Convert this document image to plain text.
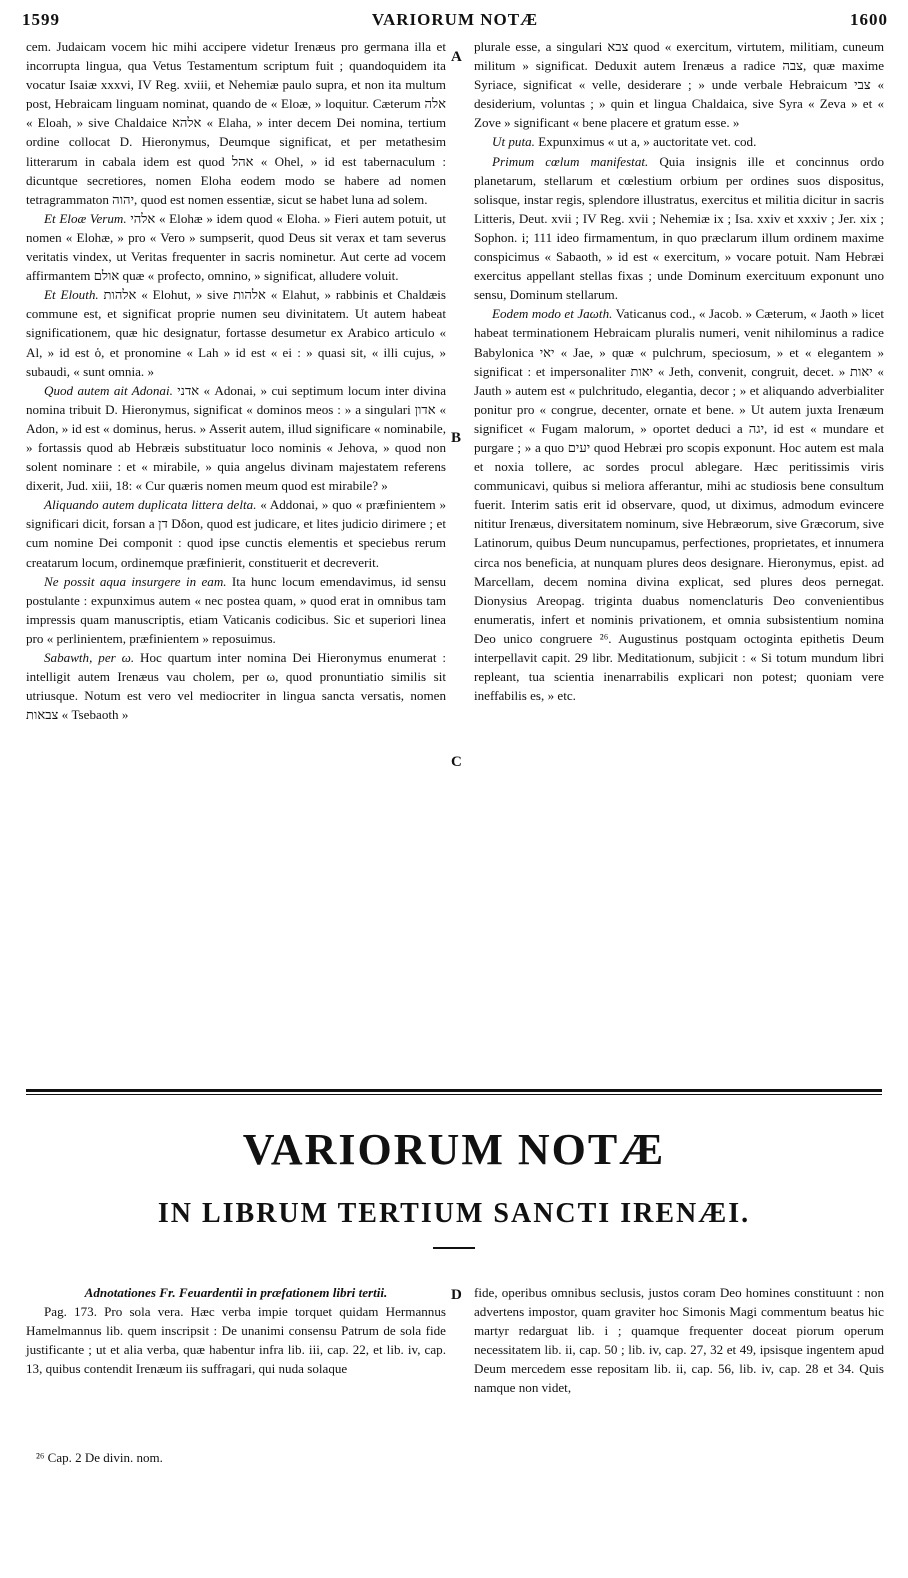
1599	VARIORUM NOTÆ	1600
A
B
C
D

cem. Judaicam vocem hic mihi accipere videtur Irenæus pro germana illa et incorrupta lingua, qua Vetus Testamentum scriptum fuit ; quandoquidem ita vocatur Isaiæ xxxvi, IV Reg. xviii, et Nehemiæ paulo supra, et non ita multum post, Hebraicam linguam nominat, quando de « Eloæ, » loquitur. Cæterum אלה « Eloah, » sive Chaldaice אלהא « Elaha, » inter decem Dei nomina, tertium ordine collocat D. Hieronymus, Deumque significat, et per metathesim litterarum in cabala idem est quod אהל « Ohel, » id est tabernaculum : dicuntque secretiores, nomen Eloha eodem modo se habere ad nomen tetragrammaton יהוה, quod est nomen essentiæ, sicut se habet luna ad solem.

Et Eloæ Verum. אלהי « Elohæ » idem quod « Eloha. » Fieri autem potuit, ut nomen « Elohæ, » pro « Vero » sumpserit, quod Deus sit verax et tam severus veritatis vindex, ut Veritas frequenter in sacris nominetur. Aut certe ad vocem affirmantem אולם quæ « profecto, omnino, » significat, alludere voluit.

Et Elouth. אלהות « Elohut, » sive אלהות « Elahut, » rabbinis et Chaldæis commune est, et significat proprie numen seu divinitatem. Ut autem habeat significationem, quæ hic designatur, fortasse desumetur ex Arabico articulo « Al, » id est ὁ, et pronomine « Lah » id est « ei : » quasi sit, « illi cujus, » subaudi, « sunt omnia. »

Quod autem ait Adonai. אדני « Adonai, » cui septimum locum inter divina nomina tribuit D. Hieronymus, significat « dominos meos : » a singulari אדון « Adon, » id est « dominus, herus. » Asserit autem, illud significare « nominabile, » fortassis quod ab Hebræis substituatur loco nominis « Jehova, » quod non solent nominare : et « mirabile, » quia angelus divinam majestatem referens dixerit, Jud. xiii, 18: « Cur quæris nomen meum quod est mirabile? »

Aliquando autem duplicata littera delta. « Addonai, » quo « præfinientem » significari dicit, forsan a דן Dδon, quod est judicare, et lites judicio dirimere ; et cum nomine Dei componit : quod ipse cunctis elementis et speciebus rerum creatarum locum, ordinemque præfinierit, constituerit et decreverit.

Ne possit aqua insurgere in eam. Ita hunc locum emendavimus, id sensu postulante : expunximus autem « nec postea quam, » quod erat in omnibus tam impressis quam manuscriptis, etiam Vaticanis codicibus. Sic et superiori linea pro « perlinientem, præfinientem » reposuimus.

Sabawth, per ω. Hoc quartum inter nomina Dei Hieronymus enumerat : intelligit autem Irenæus vau cholem, per ω, quod pronuntiatio similis sit utriusque. Notum est vero vel mediocriter in lingua sancta versatis, nomen צבאות « Tsebaoth »

plurale esse, a singulari צבא quod « exercitum, virtutem, militiam, cuneum militum » significat. Deduxit autem Irenæus a radice צבה, quæ maxime Syriace, significat « velle, desiderare ; » unde verbale Hebraicum צבי « desiderium, voluntas ; » quin et lingua Chaldaica, sive Syra « Zeva » et « Zove » significant « bene placere et gratum esse. »

Ut puta. Expunximus « ut a, » auctoritate vet. cod.

Primum cœlum manifestat. Quia insignis ille et concinnus ordo planetarum, stellarum et cœlestium orbium per ordines suos dispositus, solisque, instar regis, splendore illustratus, exercitus et militia dicitur in sacris Litteris, Deut. xvii ; IV Reg. xvii ; Nehemiæ ix ; Isa. xxiv et xxxiv ; Jer. xix ; Sophon. i; 111 ideo firmamentum, in quo præclarum illum ordinem maxime conspicimus « Sabaoth, » id est « exercitum, » vocare potuit. Nam Hebræi exercitus appellant stellas fixas ; unde Dominum exercituum exponunt uno sensu, Dominum stellarum.

Eodem modo et Jaωth. Vaticanus cod., « Jacob. » Cæterum, « Jaoth » licet habeat terminationem Hebraicam pluralis numeri, venit nihilominus a radice Babylonica יאי « Jae, » quæ « pulchrum, speciosum, » et « elegantem » significat : et impersonaliter יאות « Jeth, convenit, congruit, decet. » יאות « Jauth » autem est « pulchritudo, elegantia, decor ; » et aliquando adverbialiter ponitur pro « congrue, decenter, ornate et bene. » Ut autem juxta Irenæum significet « Fugam malorum, » oportet deduci a יגה, id est « mundare et purgare ; » a quo יעים quod Hebræi pro scopis exponunt. Hoc autem est mala et noxia tollere, ac sordes procul ablegare. Hæc peritissimis viris communicavi, quibus si meliora afferantur, mihi ac studiosis bene consultum fuerit. Interim satis erit id observare, quod, ut diximus, admodum evincere nititur Irenæus, diversitatem nominum, sive Hebræorum, sive Græcorum, sive Latinorum, quibus Deum nuncupamus, perfectiones, proprietates, et innumera circa nos beneficia, at nunquam plures deos designare. Hieronymus, epist. ad Marcellam, decem nomina divina explicat, sed plures deos pernegat. Dionysius Areopag. triginta duabus nomenclaturis Deo convenientibus enumeratis, infert et nominis privationem, et omnia subsistentium nomina Deo unico congruere ²⁶. Augustinus postquam octoginta epithetis Deum interpellavit capit. 29 libr. Meditationum, subjicit : « Si totum mundum libri repleant, tua scientia inenarrabilis explicari non potest; quoniam vere ineffabilis es, » etc.

VARIORUM NOTÆ
IN LIBRUM TERTIUM SANCTI IRENÆI.

Adnotationes Fr. Feuardentii in præfationem libri tertii.

Pag. 173. Pro sola vera. Hæc verba impie torquet quidam Hermannus Hamelmannus lib. quem inscripsit : De unanimi consensu Patrum de sola fide justificante ; ut et alia verba, quæ habentur infra lib. iii, cap. 22, et lib. iv, cap. 13, quibus contendit Irenæum iis suffragari, qui nuda solaque

fide, operibus omnibus seclusis, justos coram Deo homines constituunt : non advertens impostor, quam graviter hoc Simonis Magi commentum beatus hic martyr redarguat lib. i ; quamque frequenter doceat piorum operum necessitatem lib. ii, cap. 50 ; lib. iv, cap. 27, 32 et 49, ipsisque ingentem apud Deum mercedem esse repositam lib. ii, cap. 56, lib. iv, cap. 28 et 34. Quis namque non videt,

²⁶ Cap. 2 De divin. nom.
